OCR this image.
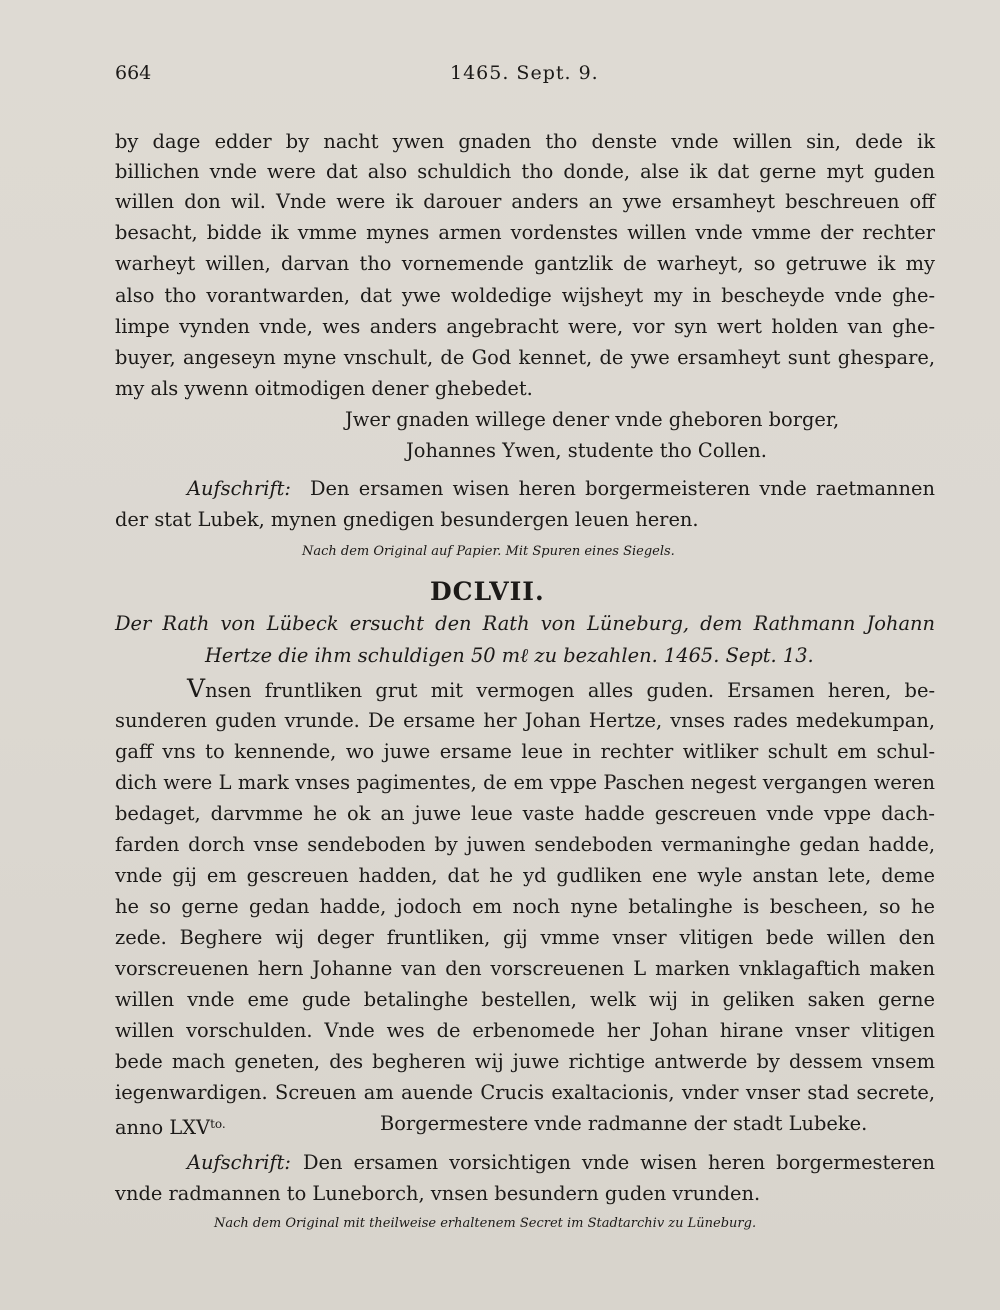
664	1465. Sept. 9.
by dage edder by nacht ywen gnaden tho denste vnde willen sin, dede ik
billichen vnde were dat also schuldich tho donde, alse ik dat gerne myt guden
willen don wil. Vnde were ik darouer anders an ywe ersamheyt beschreuen off
besacht, bidde ik vmme mynes armen vordenstes willen vnde vmme der rechter
warheyt willen, darvan tho vornemende gantzlik de warheyt, so getruwe ik my
also tho vorantwarden, dat ywe woldedige wijsheyt my in bescheyde vnde ghe-
limpe vynden vnde, wes anders angebracht were, vor syn wert holden van ghe-
buyer, angeseyn myne vnschult, de God kennet, de ywe ersamheyt sunt ghespare,
my als ywenn oitmodigen dener ghebedet.
Jwer gnaden willege dener vnde gheboren borger,
Johannes Ywen, studente tho Collen.
Aufschrift: Den ersamen wisen heren borgermeisteren vnde raetmannen
der stat Lubek, mynen gnedigen besundergen leuen heren.
Nach dem Original auf Papier. Mit Spuren eines Siegels.
DCLVII.
Der Rath von Lübeck ersucht den Rath von Lüneburg, dem Rathmann Johann
Hertze die ihm schuldigen 50 mℓ zu bezahlen. 1465. Sept. 13.
V nsen fruntliken grut mit vermogen alles guden. Ersamen heren, be-
sunderen guden vrunde. De ersame her Johan Hertze, vnses rades medekumpan,
gaff vns to kennende, wo juwe ersame leue in rechter witliker schult em schul-
dich were L mark vnses pagimentes, de em vppe Paschen negest vergangen weren
bedaget, darvmme he ok an juwe leue vaste hadde gescreuen vnde vppe dach-
farden dorch vnse sendeboden by juwen sendeboden vermaninghe gedan hadde,
vnde gij em gescreuen hadden, dat he yd gudliken ene wyle anstan lete, deme
he so gerne gedan hadde, jodoch em noch nyne betalinghe is bescheen, so he
zede. Beghere wij deger fruntliken, gij vmme vnser vlitigen bede willen den
vorscreuenen hern Johanne van den vorscreuenen L marken vnklagaftich maken
willen vnde eme gude betalinghe bestellen, welk wij in geliken saken gerne
willen vorschulden. Vnde wes de erbenomede her Johan hirane vnser vlitigen
bede mach geneten, des begheren wij juwe richtige antwerde by dessem vnsem
iegenwardigen. Screuen am auende Crucis exaltacionis, vnder vnser stad secrete,
anno $LXV^{to.}$	Borgermestere vnde radmanne der stadt Lubeke.
Aufschrift: Den ersamen vorsichtigen vnde wisen heren borgermesteren
vnde radmannen to Luneborch, vnsen besundern guden vrunden.
Nach dem Original mit theilweise erhaltenem Secret im Stadtarchiv zu Lüneburg.
